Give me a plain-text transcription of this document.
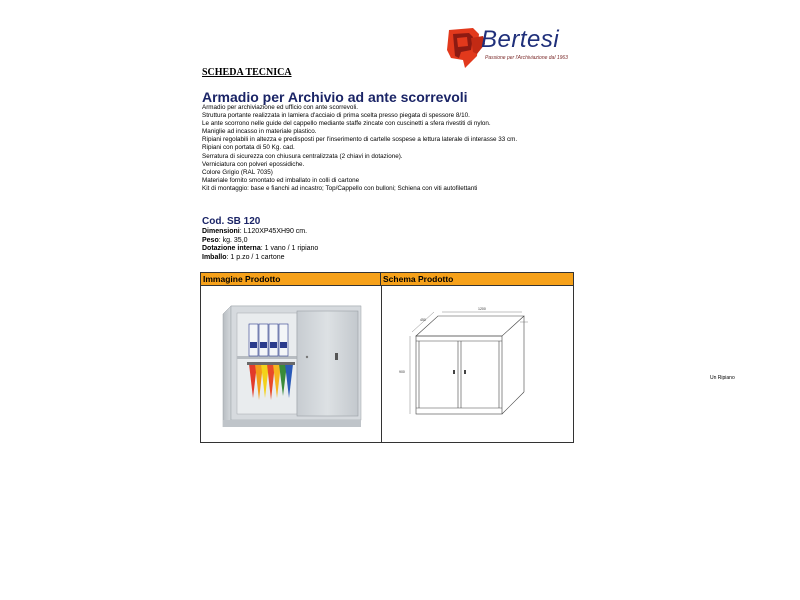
Bertesi
Passione per l'Archiviazione dal 1963
SCHEDA TECNICA
Armadio per Archivio ad ante scorrevoli
Armadio per archiviazione ed ufficio con ante scorrevoli.
Struttura portante realizzata in lamiera d'acciaio di prima scelta presso piegata di spessore 8/10.
Le ante scorrono nelle guide del cappello mediante staffe zincate con cuscinetti a sfera rivestiti di nylon.
Maniglie ad incasso in materiale plastico.
Ripiani regolabili in altezza e predisposti per l'inserimento di cartelle sospese a lettura laterale di interasse 33 cm.
Ripiani con portata di 50 Kg. cad.
Serratura di sicurezza con chiusura centralizzata (2 chiavi in dotazione).
Verniciatura con polveri epossidiche.
Colore Grigio (RAL 7035)
Materiale fornito smontato ed imballato in colli di cartone
Kit di montaggio: base e fianchi ad incastro; Top/Cappello con bulloni; Schiena con viti autofilettanti
Cod. SB 120
Dimensioni: L120XP45XH90 cm.
Peso: kg. 35,0
Dotazione interna: 1 vano / 1 ripiano
Imballo: 1 p.zo / 1 cartone
Immagine Prodotto	Schema Prodotto
450
1200
900
Un Ripiano
